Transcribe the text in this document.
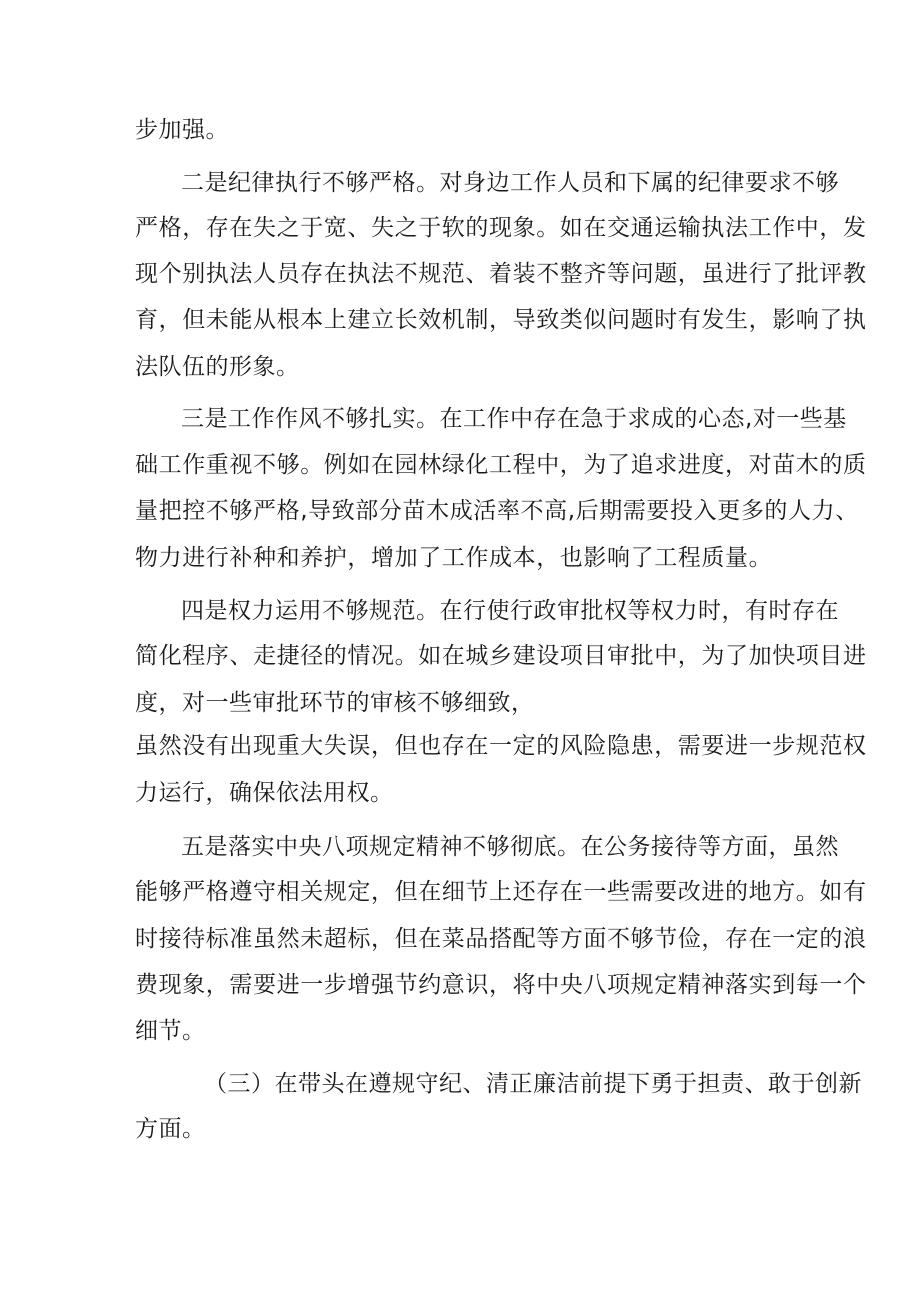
步加强。

二是纪律执行不够严格。对身边工作人员和下属的纪律要求不够

严格，存在失之于宽、失之于软的现象。如在交通运输执法工作中，发

现个别执法人员存在执法不规范、着装不整齐等问题，虽进行了批评教

育，但未能从根本上建立长效机制，导致类似问题时有发生，影响了执

法队伍的形象。

三是工作作风不够扎实。在工作中存在急于求成的心态,对一些基

础工作重视不够。例如在园林绿化工程中，为了追求进度，对苗木的质

量把控不够严格,导致部分苗木成活率不高,后期需要投入更多的人力、

物力进行补种和养护，增加了工作成本，也影响了工程质量。

四是权力运用不够规范。在行使行政审批权等权力时，有时存在

简化程序、走捷径的情况。如在城乡建设项目审批中，为了加快项目进

度，对一些审批环节的审核不够细致，

虽然没有出现重大失误，但也存在一定的风险隐患，需要进一步规范权

力运行，确保依法用权。

五是落实中央八项规定精神不够彻底。在公务接待等方面，虽然

能够严格遵守相关规定，但在细节上还存在一些需要改进的地方。如有

时接待标准虽然未超标，但在菜品搭配等方面不够节俭，存在一定的浪

费现象，需要进一步增强节约意识，将中央八项规定精神落实到每一个

细节。

（三）在带头在遵规守纪、清正廉洁前提下勇于担责、敢于创新

方面。
